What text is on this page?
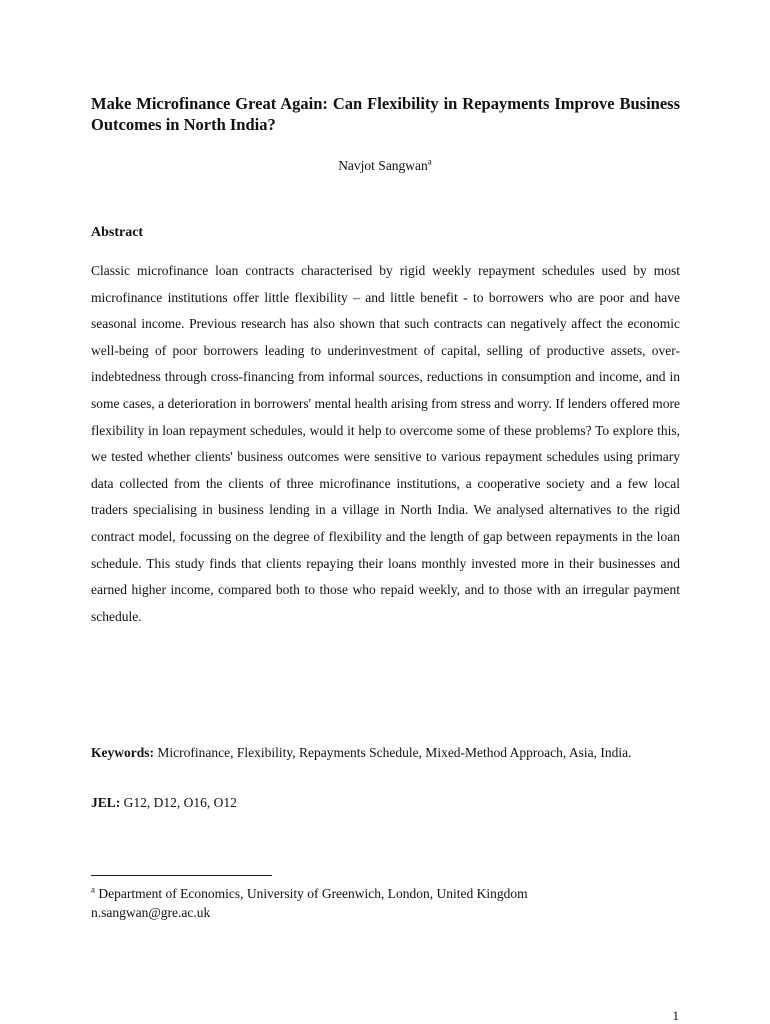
Make Microfinance Great Again: Can Flexibility in Repayments Improve Business Outcomes in North India?
Navjot Sangwan$^a$
Abstract

Classic microfinance loan contracts characterised by rigid weekly repayment schedules used by most microfinance institutions offer little flexibility – and little benefit - to borrowers who are poor and have seasonal income. Previous research has also shown that such contracts can negatively affect the economic well-being of poor borrowers leading to underinvestment of capital, selling of productive assets, over-indebtedness through cross-financing from informal sources, reductions in consumption and income, and in some cases, a deterioration in borrowers' mental health arising from stress and worry. If lenders offered more flexibility in loan repayment schedules, would it help to overcome some of these problems? To explore this, we tested whether clients' business outcomes were sensitive to various repayment schedules using primary data collected from the clients of three microfinance institutions, a cooperative society and a few local traders specialising in business lending in a village in North India. We analysed alternatives to the rigid contract model, focussing on the degree of flexibility and the length of gap between repayments in the loan schedule. This study finds that clients repaying their loans monthly invested more in their businesses and earned higher income, compared both to those who repaid weekly, and to those with an irregular payment schedule.

Keywords: Microfinance, Flexibility, Repayments Schedule, Mixed-Method Approach, Asia, India.

JEL: G12, D12, O16, O12

$^a$ Department of Economics, University of Greenwich, London, United Kingdom

n.sangwan@gre.ac.uk

1
